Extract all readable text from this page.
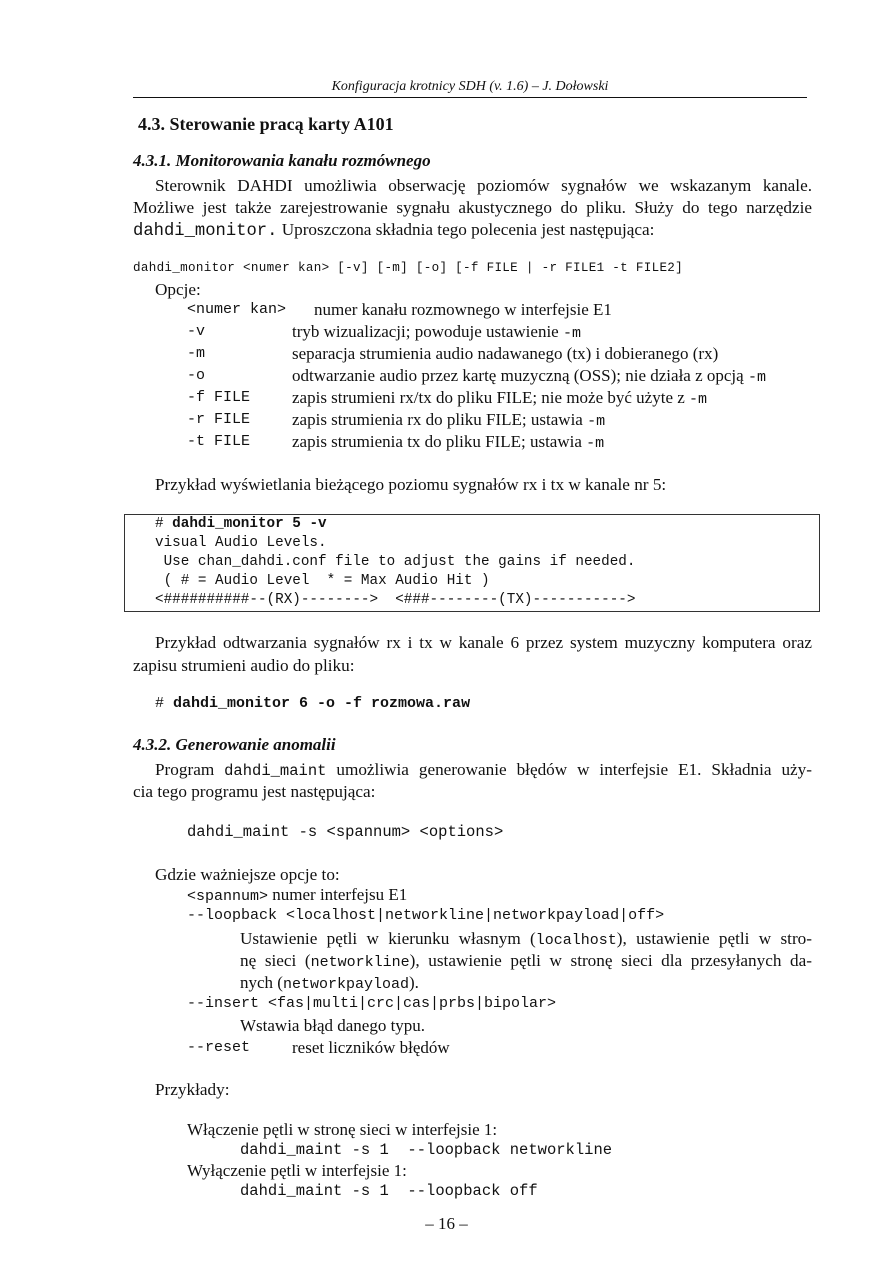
Konfiguracja krotnicy SDH (v. 1.6) – J. Dołowski
4.3. Sterowanie pracą karty A101
4.3.1. Monitorowania kanału rozmównego
Sterownik DAHDI umożliwia obserwację poziomów sygnałów we wskazanym kanale.
Możliwe jest także zarejestrowanie sygnału akustycznego do pliku. Służy do tego narzędzie
dahdi_monitor. Uproszczona składnia tego polecenia jest następująca:
dahdi_monitor <numer kan> [-v] [-m] [-o] [-f FILE | -r FILE1 -t FILE2]
Opcje:
<numer kan> numer kanału rozmownego w interfejsie E1
-v	tryb wizualizacji; powoduje ustawienie -m
-m	separacja strumienia audio nadawanego (tx) i dobieranego (rx)
-o	odtwarzanie audio przez kartę muzyczną (OSS); nie działa z opcją -m
-f FILE zapis strumieni rx/tx do pliku FILE; nie może być użyte z -m
-r FILE zapis strumienia rx do pliku FILE; ustawia -m
-t FILE zapis strumienia tx do pliku FILE; ustawia -m
Przykład wyświetlania bieżącego poziomu sygnałów rx i tx w kanale nr 5:
# dahdi_monitor 5 -v
visual Audio Levels.
Use chan_dahdi.conf file to adjust the gains if needed.
( # = Audio Level  * = Max Audio Hit )
<##########--(RX)-------->  <###--------(TX)----------->
Przykład odtwarzania sygnałów rx i tx w kanale 6 przez system muzyczny komputera oraz
zapisu strumieni audio do pliku:
# dahdi_monitor 6 -o -f rozmowa.raw
4.3.2. Generowanie anomalii
Program dahdi_maint umożliwia generowanie błędów w interfejsie E1. Składnia uży-
cia tego programu jest następująca:
dahdi_maint -s <spannum> <options>
Gdzie ważniejsze opcje to:
<spannum> numer interfejsu E1
--loopback <localhost|networkline|networkpayload|off>
Ustawienie pętli w kierunku własnym (localhost), ustawienie pętli w stro-
nę sieci (networkline), ustawienie pętli w stronę sieci dla przesyłanych da-
nych (networkpayload).
--insert <fas|multi|crc|cas|prbs|bipolar>
Wstawia błąd danego typu.
--reset reset liczników błędów
Przykłady:
Włączenie pętli w stronę sieci w interfejsie 1:
dahdi_maint -s 1  --loopback networkline
Wyłączenie pętli w interfejsie 1:
dahdi_maint -s 1  --loopback off
– 16 –
